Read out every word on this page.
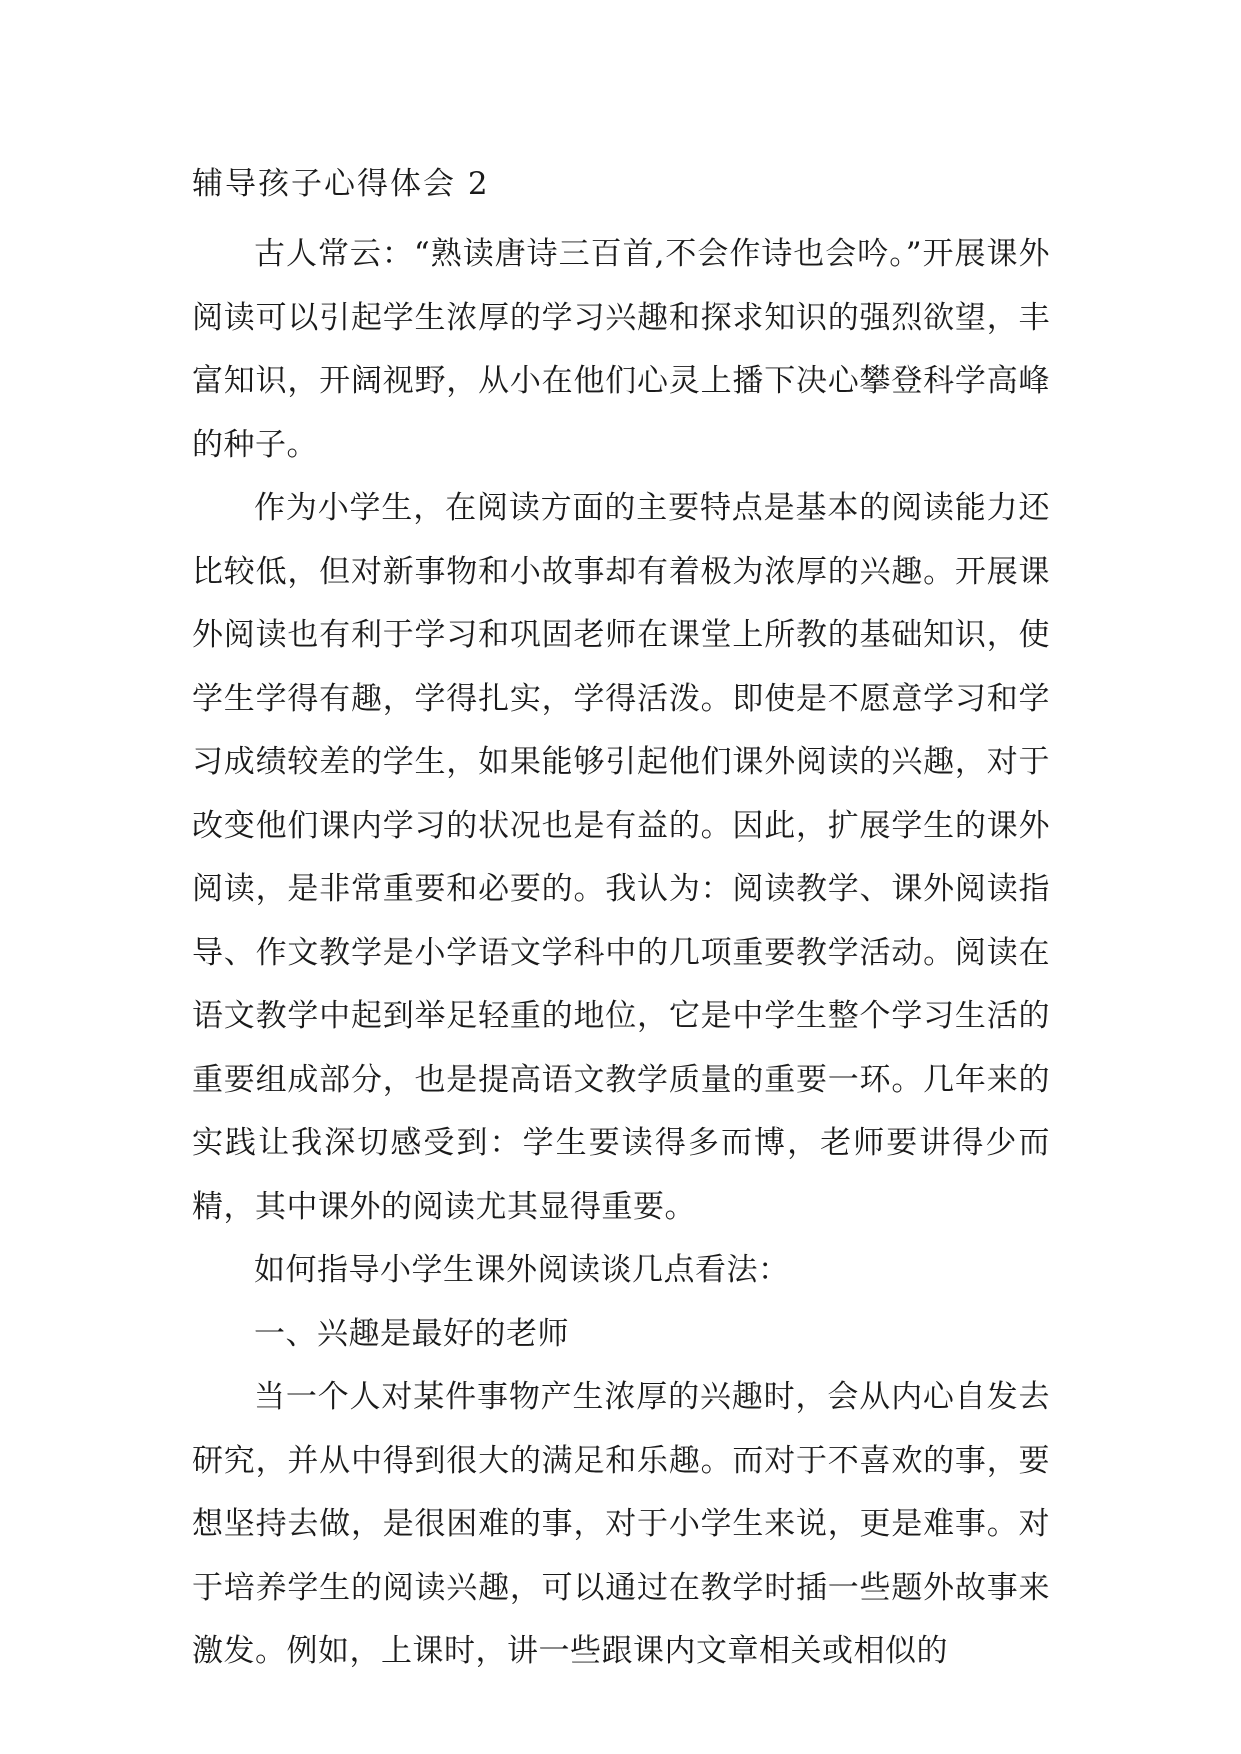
辅导孩子心得体会 2

古人常云：“熟读唐诗三百首,不会作诗也会吟。”开展课外阅读可以引起学生浓厚的学习兴趣和探求知识的强烈欲望，丰富知识，开阔视野，从小在他们心灵上播下决心攀登科学高峰的种子。

作为小学生，在阅读方面的主要特点是基本的阅读能力还比较低，但对新事物和小故事却有着极为浓厚的兴趣。开展课外阅读也有利于学习和巩固老师在课堂上所教的基础知识，使学生学得有趣，学得扎实，学得活泼。即使是不愿意学习和学习成绩较差的学生，如果能够引起他们课外阅读的兴趣，对于改变他们课内学习的状况也是有益的。因此，扩展学生的课外阅读，是非常重要和必要的。我认为：阅读教学、课外阅读指导、作文教学是小学语文学科中的几项重要教学活动。阅读在语文教学中起到举足轻重的地位，它是中学生整个学习生活的重要组成部分，也是提高语文教学质量的重要一环。几年来的实践让我深切感受到：学生要读得多而博，老师要讲得少而精，其中课外的阅读尤其显得重要。

如何指导小学生课外阅读谈几点看法：

一、兴趣是最好的老师

当一个人对某件事物产生浓厚的兴趣时，会从内心自发去研究，并从中得到很大的满足和乐趣。而对于不喜欢的事，要想坚持去做，是很困难的事，对于小学生来说，更是难事。对于培养学生的阅读兴趣，可以通过在教学时插一些题外故事来激发。例如，上课时，讲一些跟课内文章相关或相似的
